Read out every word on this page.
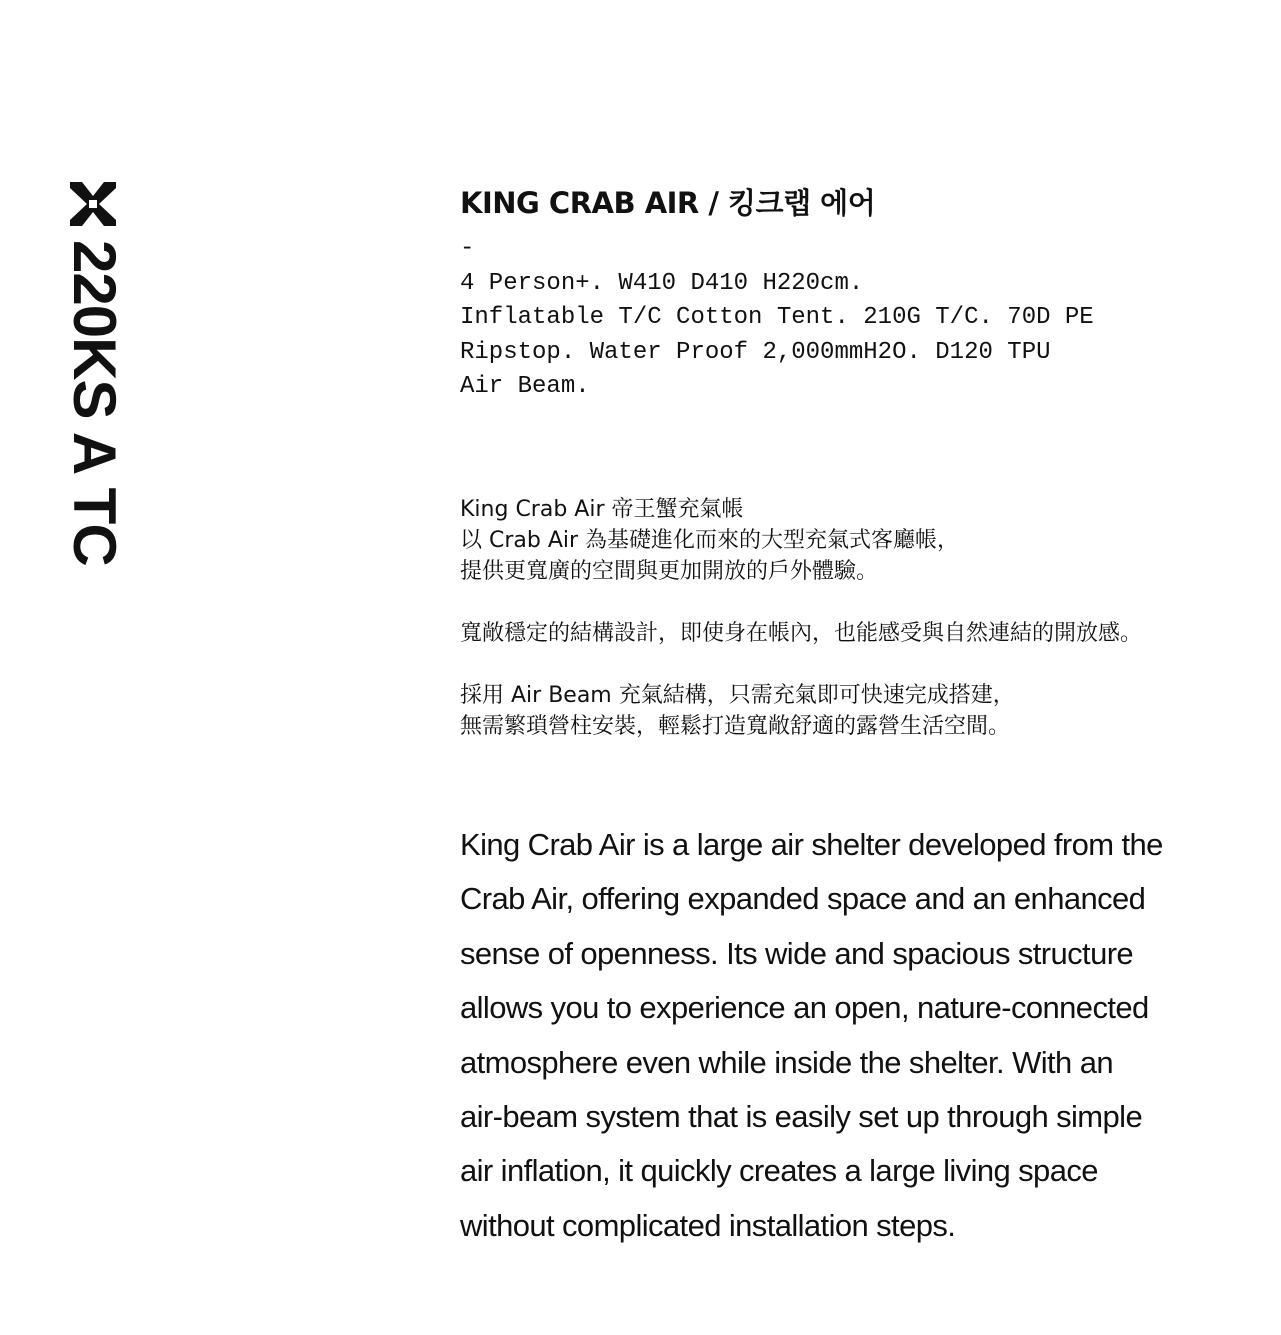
220KS A TC
KING CRAB AIR / 킹크랩 에어
-
4 Person+. W410 D410 H220cm.
Inflatable T/C Cotton Tent. 210G T/C. 70D PE
Ripstop. Water Proof 2,000mmH2O. D120 TPU
Air Beam.

King Crab Air 帝王蟹充氣帳

以 Crab Air 為基礎進化而來的大型充氣式客廳帳，

提供更寬廣的空間與更加開放的戶外體驗。

寬敞穩定的結構設計，即使身在帳內，也能感受與自然連結的開放感。

採用 Air Beam 充氣結構，只需充氣即可快速完成搭建，

無需繁瑣營柱安裝，輕鬆打造寬敞舒適的露營生活空間。

King Crab Air is a large air shelter developed from the
Crab Air, offering expanded space and an enhanced
sense of openness. Its wide and spacious structure
allows you to experience an open, nature-connected
atmosphere even while inside the shelter. With an
air-beam system that is easily set up through simple
air inflation, it quickly creates a large living space
without complicated installation steps.
